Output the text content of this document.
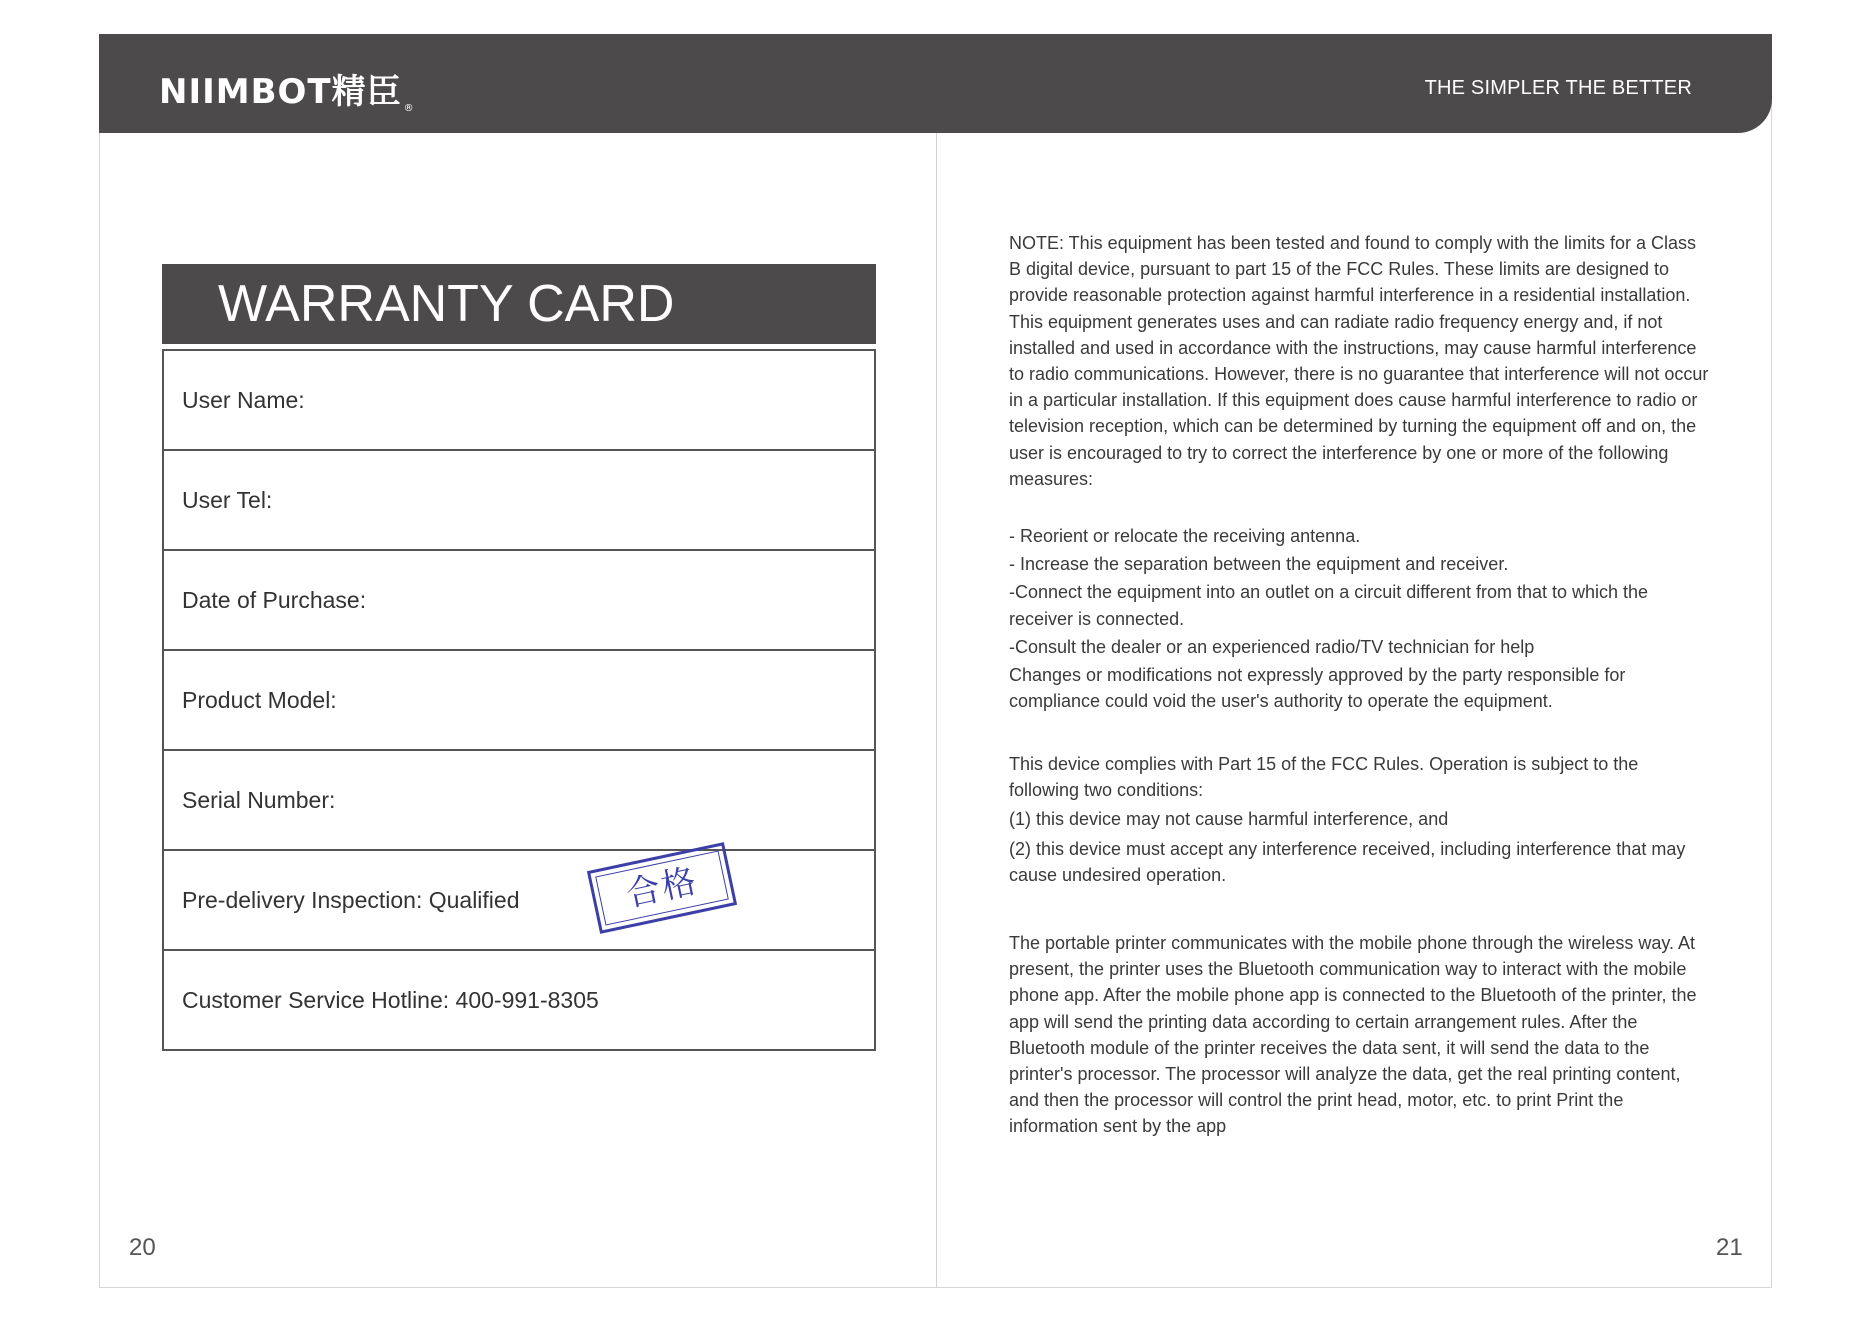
NIIMBOT精臣 ®
THE SIMPLER THE BETTER
WARRANTY CARD
User Name:
User Tel:
Date of Purchase:
Product Model:
Serial Number:
Pre-delivery Inspection: Qualified
Customer Service Hotline: 400-991-8305
合格
20

NOTE: This equipment has been tested and found to comply with the limits for a Class B digital device, pursuant to part 15 of the FCC Rules. These limits are designed to provide reasonable protection against harmful interference in a residential installation. This equipment generates uses and can radiate radio frequency energy and, if not installed and used in accordance with the instructions, may cause harmful interference to radio communications. However, there is no guarantee that interference will not occur in a particular installation. If this equipment does cause harmful interference to radio or television reception, which can be determined by turning the equipment off and on, the user is encouraged to try to correct the interference by one or more of the following measures:

- Reorient or relocate the receiving antenna.

- Increase the separation between the equipment and receiver.

-Connect the equipment into an outlet on a circuit different from that to which the receiver is connected.

-Consult the dealer or an experienced radio/TV technician for help

Changes or modifications not expressly approved by the party responsible for compliance could void the user's authority to operate the equipment.

This device complies with Part 15 of the FCC Rules. Operation is subject to the following two conditions:

(1) this device may not cause harmful interference, and

(2) this device must accept any interference received, including interference that may cause undesired operation.

The portable printer communicates with the mobile phone through the wireless way. At present, the printer uses the Bluetooth communication way to interact with the mobile phone app. After the mobile phone app is connected to the Bluetooth of the printer, the app will send the printing data according to certain arrangement rules. After the Bluetooth module of the printer receives the data sent, it will send the data to the printer's processor. The processor will analyze the data, get the real printing content, and then the processor will control the print head, motor, etc. to print Print the information sent by the app

21
